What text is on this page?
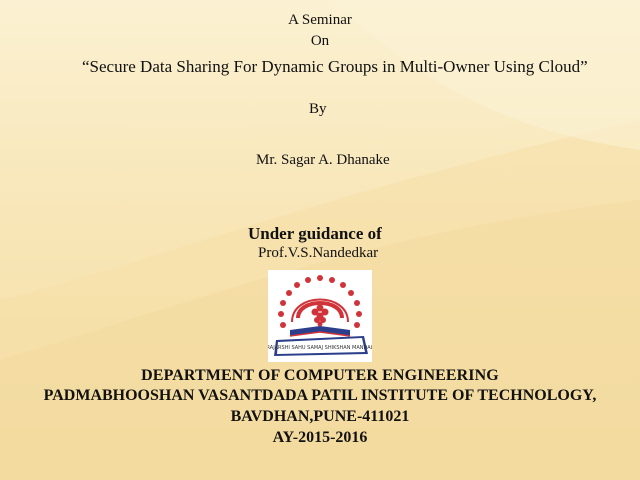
A Seminar
On
“Secure Data Sharing For Dynamic Groups in Multi-Owner Using Cloud”
By
Mr. Sagar A. Dhanake
Under guidance of
Prof.V.S.Nandedkar
RAJARSHI SAHU SAMAJ SHIKSHAN MANDAL
DEPARTMENT OF COMPUTER ENGINEERING
PADMABHOOSHAN VASANTDADA PATIL INSTITUTE OF TECHNOLOGY,
BAVDHAN,PUNE-411021
AY-2015-2016
